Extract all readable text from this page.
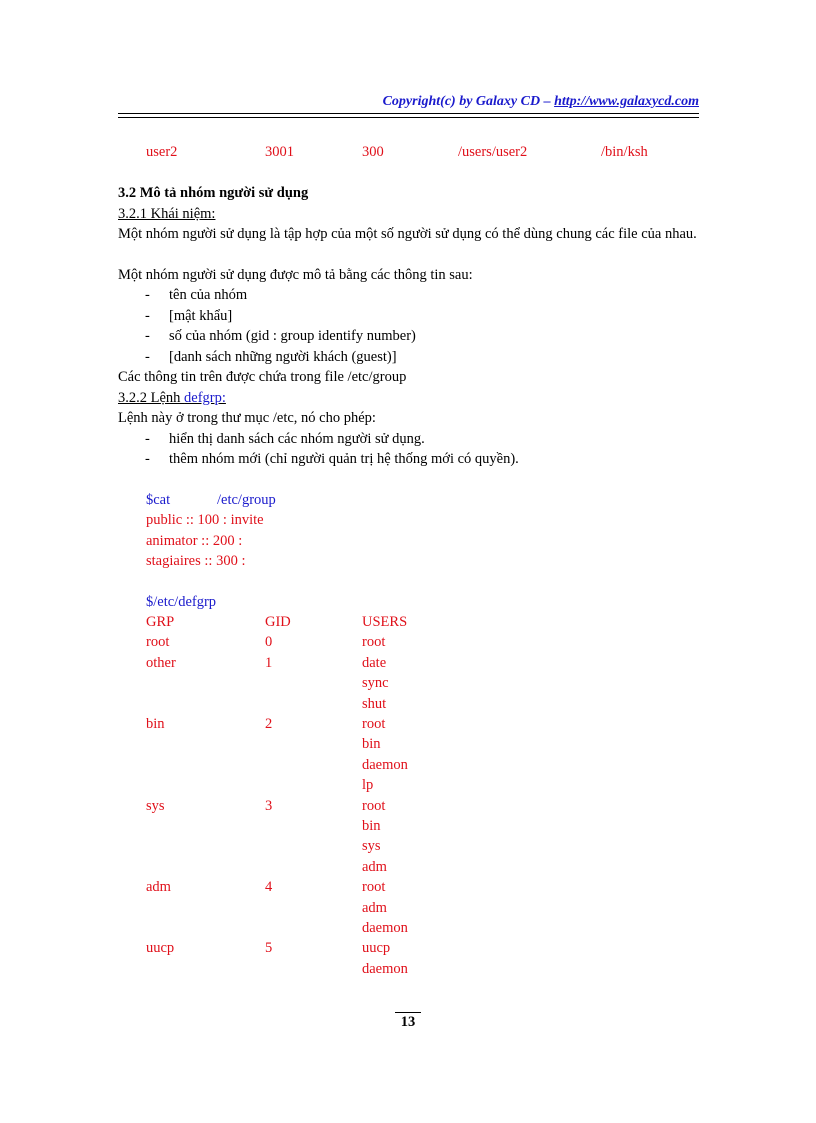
Copyright(c) by Galaxy CD – http://www.galaxycd.com
user2	3001	300	/users/user2	/bin/ksh
3.2 Mô tả nhóm người sử dụng
3.2.1 Khái niệm:
Một nhóm người sử dụng là tập hợp của một số người sử dụng có thể dùng chung các file của nhau.
Một nhóm người sử dụng được mô tả bằng các thông tin sau:
- tên của nhóm
- [mật khẩu]
- số của nhóm (gid : group identify number)
- [danh sách những người khách (guest)]
Các thông tin trên được chứa trong file /etc/group
3.2.2 Lệnh defgrp:
Lệnh này ở trong thư mục /etc, nó cho phép:
- hiển thị danh sách các nhóm người sử dụng.
- thêm nhóm mới (chỉ người quản trị hệ thống mới có quyền).
$cat	/etc/group
public :: 100 : invite
animator :: 200 :
stagiaires :: 300 :
$/etc/defgrp
GRP	GID	USERS
root	0	root
other	1	date
sync
shut
bin	2	root
bin
daemon
lp
sys	3	root
bin
sys
adm
adm	4	root
adm
daemon
uucp	5	uucp
daemon
13
